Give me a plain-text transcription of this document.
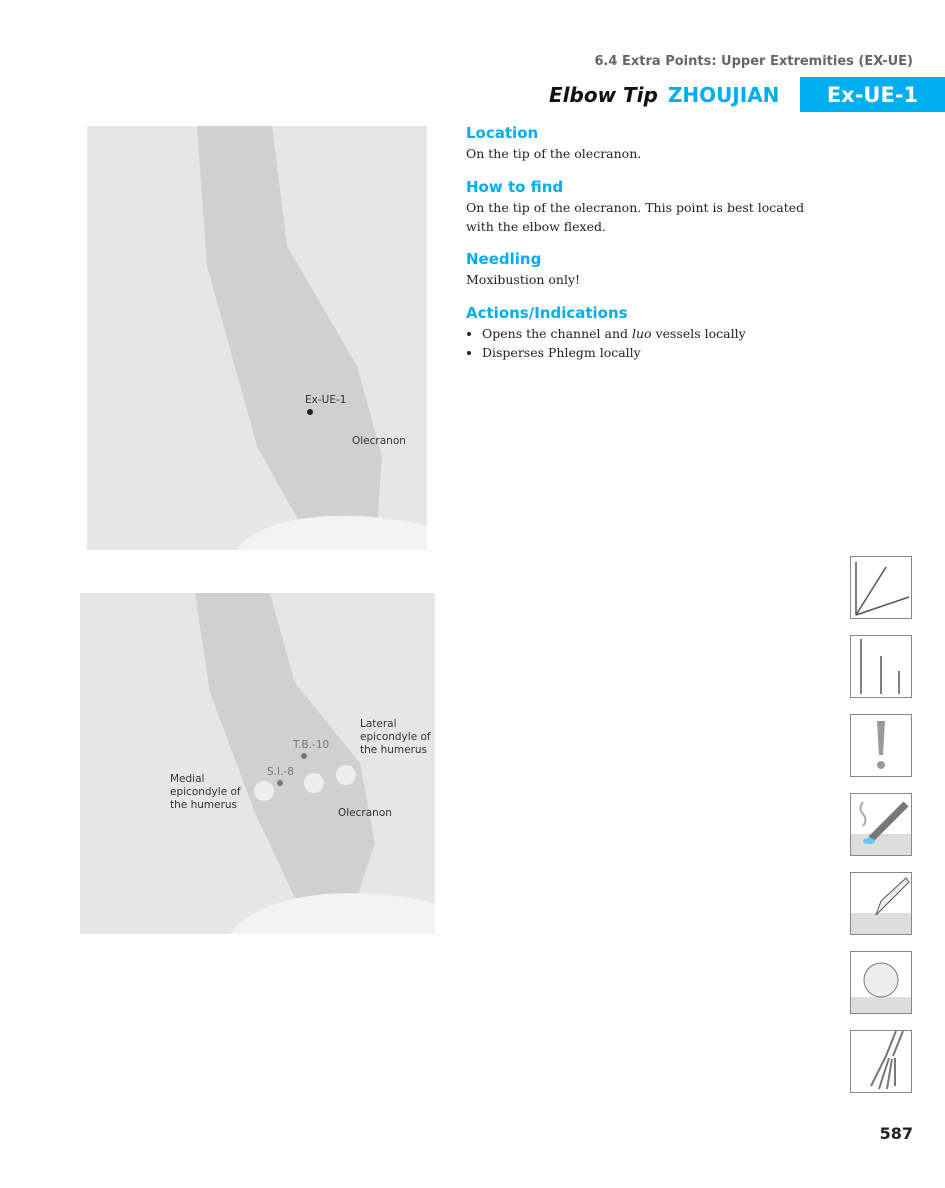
6.4 Extra Points: Upper Extremities (EX-UE)
Elbow Tip ZHOUJIAN	Ex-UE-1
Location
On the tip of the olecranon.
How to find
On the tip of the olecranon. This point is best located with the elbow flexed.
Needling
Moxibustion only!
Actions/Indications
• Opens the channel and luo vessels locally
• Disperses Phlegm locally
Ex-UE-1
Olecranon
Lateral epicondyle of the humerus
T.B.-10
S.I.-8
Medial epicondyle of the humerus
Olecranon
587
